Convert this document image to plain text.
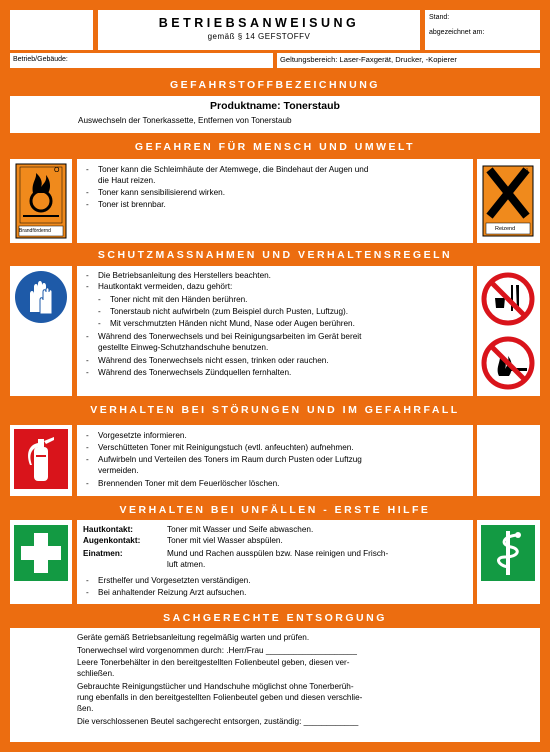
BETRIEBSANWEISUNG
gemäß § 14 GEFSTOFFV
Stand:
abgezeichnet am:
Betrieb/Gebäude:	Geltungsbereich: Laser-Faxgerät, Drucker, -Kopierer
GEFAHRSTOFFBEZEICHNUNG
Produktname: Tonerstaub
Auswechseln der Tonerkassette, Entfernen von Tonerstaub
GEFAHREN FÜR MENSCH UND UMWELT
O
Brandfördernd
- Toner kann die Schleimhäute der Atemwege, die Bindehaut der Augen und
die Haut reizen.
- Toner kann sensibilisierend wirken.
- Toner ist brennbar.
Xi
Reizend
SCHUTZMASSNAHMEN UND VERHALTENSREGELN
- Die Betriebsanleitung des Herstellers beachten.
- Hautkontakt vermeiden, dazu gehört:
- Toner nicht mit den Händen berühren.
- Tonerstaub nicht aufwirbeln (zum Beispiel durch Pusten, Luftzug).
- Mit verschmutzten Händen nicht Mund, Nase oder Augen berühren.
- Während des Tonerwechsels und bei Reinigungsarbeiten im Gerät bereit
gestellte Einweg-Schutzhandschuhe benutzen.
- Während des Tonerwechsels nicht essen, trinken oder rauchen.
- Während des Tonerwechsels Zündquellen fernhalten.
VERHALTEN BEI STÖRUNGEN UND IM GEFAHRFALL
- Vorgesetzte informieren.
- Verschütteten Toner mit Reinigungstuch (evtl. anfeuchten) aufnehmen.
- Aufwirbeln und Verteilen des Toners im Raum durch Pusten oder Luftzug
vermeiden.
- Brennenden Toner mit dem Feuerlöscher löschen.
VERHALTEN BEI UNFÄLLEN - ERSTE HILFE
Hautkontakt:	Toner mit Wasser und Seife abwaschen.
Augenkontakt:	Toner mit viel Wasser abspülen.
Einatmen:	Mund und Rachen ausspülen bzw. Nase reinigen und Frisch-
luft atmen.
- Ersthelfer und Vorgesetzten verständigen.
- Bei anhaltender Reizung Arzt aufsuchen.
SACHGERECHTE ENTSORGUNG
Geräte gemäß Betriebsanleitung regelmäßig warten und prüfen.
Tonerwechsel wird vorgenommen durch: .Herr/Frau ____________________
Leere Tonerbehälter in den bereitgestellten Folienbeutel geben, diesen ver-
schließen.
Gebrauchte Reinigungstücher und Handschuhe möglichst ohne Tonerberüh-
rung ebenfalls in den bereitgestellten Folienbeutel geben und diesen verschlie-
ßen.
Die verschlossenen Beutel sachgerecht entsorgen, zuständig: ____________
